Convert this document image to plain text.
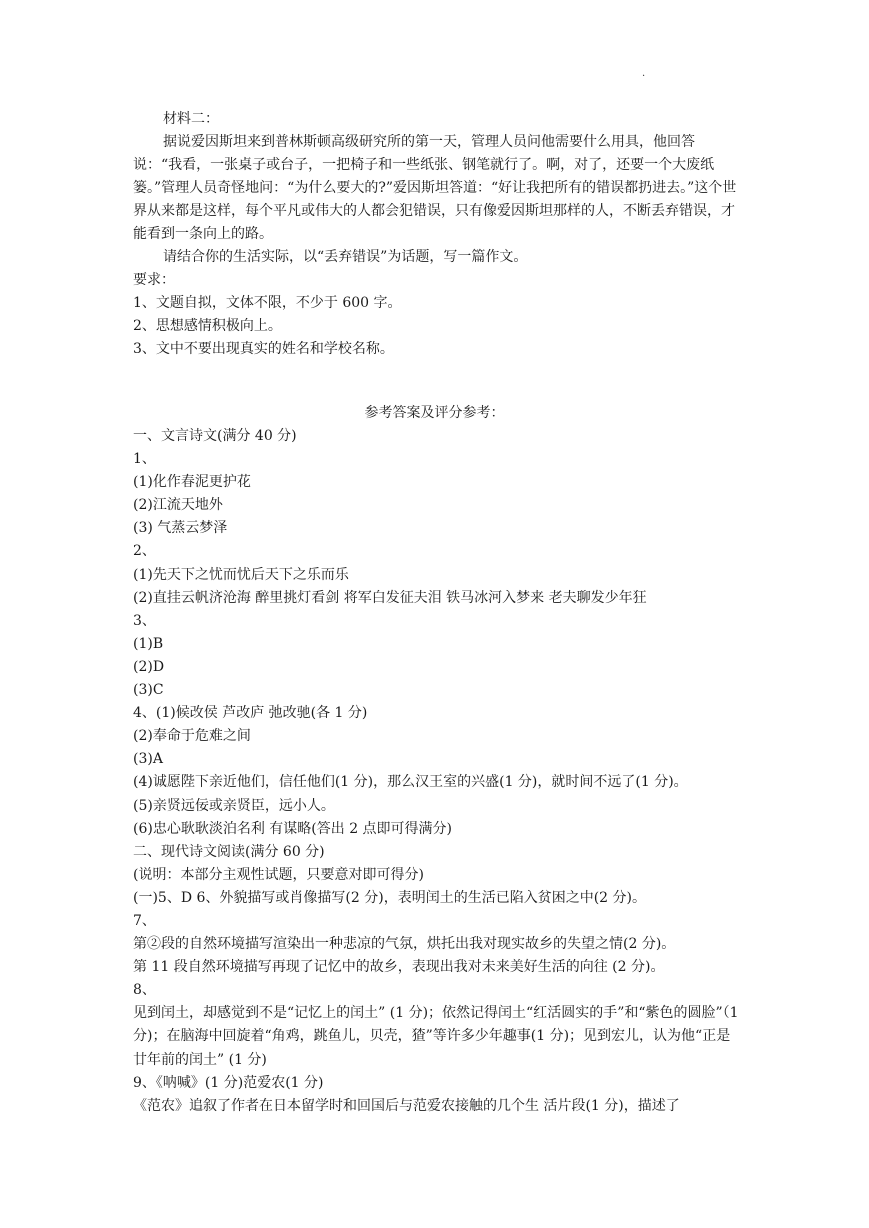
.

材料二：

据说爱因斯坦来到普林斯顿高级研究所的第一天，管理人员问他需要什么用具，他回答说：“我看，一张桌子或台子，一把椅子和一些纸张、钢笔就行了。啊，对了，还要一个大废纸篓。”管理人员奇怪地问：“为什么要大的?”爱因斯坦答道：“好让我把所有的错误都扔进去。”这个世界从来都是这样，每个平凡或伟大的人都会犯错误，只有像爱因斯坦那样的人，不断丢弃错误，才能看到一条向上的路。

请结合你的生活实际，以“丢弃错误”为话题，写一篇作文。

要求：

1、文题自拟，文体不限，不少于 600 字。

2、思想感情积极向上。

3、文中不要出现真实的姓名和学校名称。

参考答案及评分参考：

一、文言诗文(满分 40 分)

1、

(1)化作春泥更护花

(2)江流天地外

(3) 气蒸云梦泽

2、

(1)先天下之忧而忧后天下之乐而乐

(2)直挂云帆济沧海 醉里挑灯看剑 将军白发征夫泪 铁马冰河入梦来 老夫聊发少年狂

3、

(1)B

(2)D

(3)C

4、(1)候改侯 芦改庐 弛改驰(各 1 分)

(2)奉命于危难之间

(3)A

(4)诚愿陛下亲近他们，信任他们(1 分)，那么汉王室的兴盛(1 分)，就时间不远了(1 分)。

(5)亲贤远佞或亲贤臣，远小人。

(6)忠心耿耿淡泊名利 有谋略(答出 2 点即可得满分)

二、现代诗文阅读(满分 60 分)

(说明：本部分主观性试题，只要意对即可得分)

(一)5、D 6、外貌描写或肖像描写(2 分)，表明闰土的生活已陷入贫困之中(2 分)。

7、

第②段的自然环境描写渲染出一种悲凉的气氛，烘托出我对现实故乡的失望之情(2 分)。

第 11 段自然环境描写再现了记忆中的故乡，表现出我对未来美好生活的向往 (2 分)。

8、

见到闰土，却感觉到不是“记忆上的闰土” (1 分)；依然记得闰土“红活圆实的手”和“紫色的圆脸”（1 分)；在脑海中回旋着“角鸡，跳鱼儿，贝壳，猹”等许多少年趣事(1 分)；见到宏儿，认为他“正是廿年前的闰土” (1 分)

9、《呐喊》(1 分)范爱农(1 分)

《范农》追叙了作者在日本留学时和回国后与范爱农接触的几个生 活片段(1 分)，描述了
